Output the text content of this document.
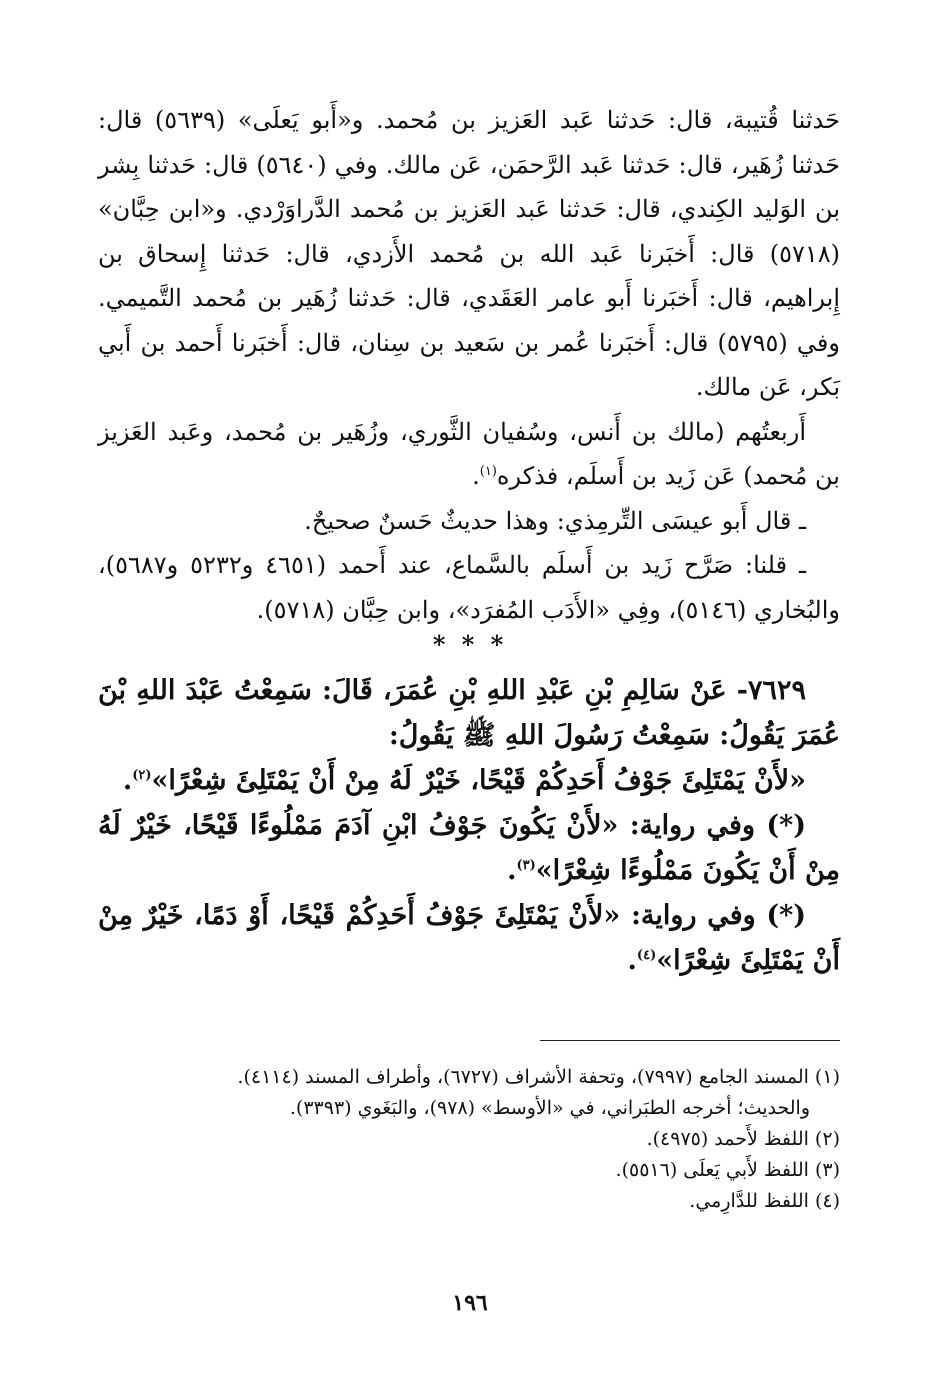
حَدثنا قُتيبة، قال: حَدثنا عَبد العَزيز بن مُحمد. و«أَبو يَعلَى» (٥٦٣٩) قال: حَدثنا زُهَير، قال: حَدثنا عَبد الرَّحمَن، عَن مالك. وفي (٥٦٤٠) قال: حَدثنا بِشر بن الوَليد الكِندي، قال: حَدثنا عَبد العَزيز بن مُحمد الدَّراوَرْدي. و«ابن حِبَّان» (٥٧١٨) قال: أَخبَرنا عَبد الله بن مُحمد الأَزدي، قال: حَدثنا إِسحاق بن إِبراهيم، قال: أَخبَرنا أَبو عامر العَقَدي، قال: حَدثنا زُهَير بن مُحمد التَّميمي. وفي (٥٧٩٥) قال: أَخبَرنا عُمر بن سَعيد بن سِنان، قال: أَخبَرنا أَحمد بن أَبي بَكر، عَن مالك.

أَربعتُهم (مالك بن أَنس، وسُفيان الثَّوري، وزُهَير بن مُحمد، وعَبد العَزيز بن مُحمد) عَن زَيد بن أَسلَم، فذكره$^{(١)}$.

ـ قال أَبو عيسَى التِّرمِذي: وهذا حديثٌ حَسنٌ صحيحٌ.

ـ قلنا: صَرَّح زَيد بن أَسلَم بالسَّماع، عند أَحمد (٤٦٥١ و٥٢٣٢ و٥٦٨٧)، والبُخاري (٥١٤٦)، وفِي «الأَدَب المُفرَد»، وابن حِبَّان (٥٧١٨).

* * *

٧٦٢٩- عَنْ سَالِمِ بْنِ عَبْدِ اللهِ بْنِ عُمَرَ، قَالَ: سَمِعْتُ عَبْدَ اللهِ بْنَ عُمَرَ يَقُولُ: سَمِعْتُ رَسُولَ اللهِ ﷺ يَقُولُ:

«لأَنْ يَمْتَلِئَ جَوْفُ أَحَدِكُمْ قَيْحًا، خَيْرٌ لَهُ مِنْ أَنْ يَمْتَلِئَ شِعْرًا»$^{(٢)}$.

(*) وفي رواية: «لأَنْ يَكُونَ جَوْفُ ابْنِ آدَمَ مَمْلُوءًا قَيْحًا، خَيْرٌ لَهُ مِنْ أَنْ يَكُونَ مَمْلُوءًا شِعْرًا»$^{(٣)}$.

(*) وفي رواية: «لأَنْ يَمْتَلِئَ جَوْفُ أَحَدِكُمْ قَيْحًا، أَوْ دَمًا، خَيْرٌ مِنْ أَنْ يَمْتَلِئَ شِعْرًا»$^{(٤)}$.

(١) المسند الجامع (٧٩٩٧)، وتحفة الأشراف (٦٧٢٧)، وأطراف المسند (٤١١٤).

والحديث؛ أخرجه الطبَراني، في «الأوسط» (٩٧٨)، والبَغَوي (٣٣٩٣).

(٢) اللفظ لأَحمد (٤٩٧٥).

(٣) اللفظ لأَبي يَعلَى (٥٥١٦).

(٤) اللفظ للدَّارِمي.

١٩٦
